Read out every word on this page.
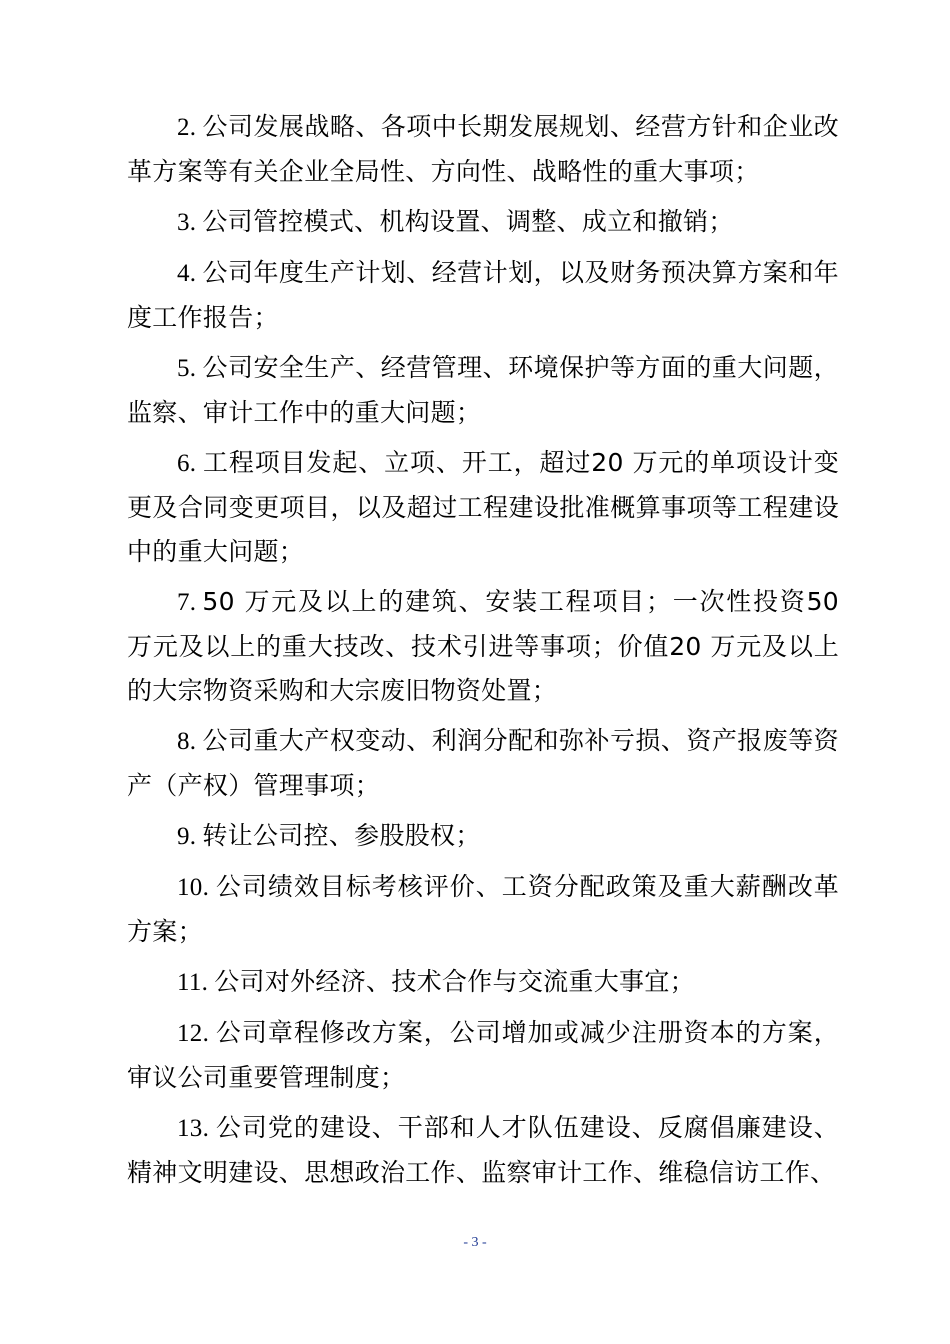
2. 公司发展战略、各项中长期发展规划、经营方针和企业改革方案等有关企业全局性、方向性、战略性的重大事项；

3. 公司管控模式、机构设置、调整、成立和撤销；

4. 公司年度生产计划、经营计划，以及财务预决算方案和年度工作报告；

5. 公司安全生产、经营管理、环境保护等方面的重大问题，监察、审计工作中的重大问题；

6. 工程项目发起、立项、开工，超过20 万元的单项设计变更及合同变更项目，以及超过工程建设批准概算事项等工程建设中的重大问题；

7. 50 万元及以上的建筑、安装工程项目；一次性投资50 万元及以上的重大技改、技术引进等事项；价值20 万元及以上的大宗物资采购和大宗废旧物资处置；

8. 公司重大产权变动、利润分配和弥补亏损、资产报废等资产（产权）管理事项；

9. 转让公司控、参股股权；

10. 公司绩效目标考核评价、工资分配政策及重大薪酬改革方案；

11. 公司对外经济、技术合作与交流重大事宜；

12. 公司章程修改方案，公司增加或减少注册资本的方案，审议公司重要管理制度；

13. 公司党的建设、干部和人才队伍建设、反腐倡廉建设、精神文明建设、思想政治工作、监察审计工作、维稳信访工作、

- 3 -
